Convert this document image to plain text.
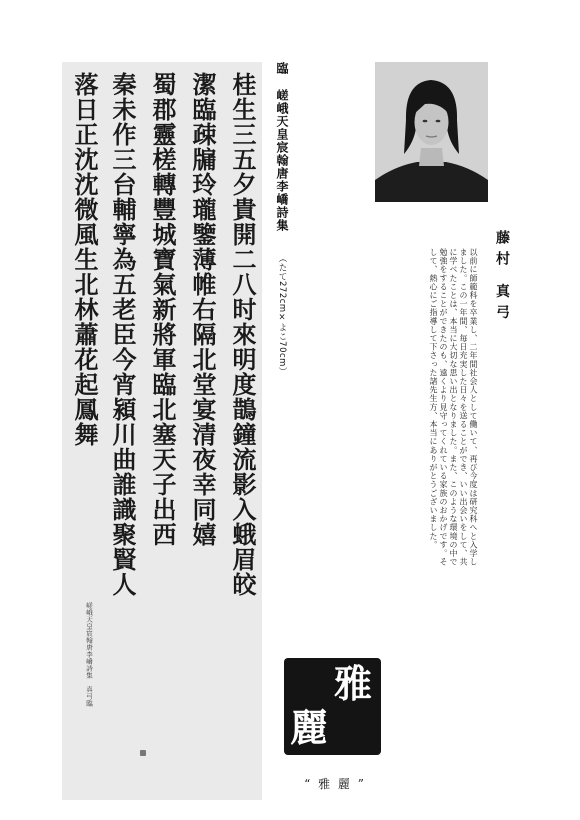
桂生三五夕貴開二八时來明度鵲鐘流影入蛾眉皎
潔臨疎牖玲瓏鑒薄帷右隔北堂宴清夜幸同嬉
蜀郡靈槎轉豐城寶氣新將軍臨北塞天子出西
秦未作三台輔寧為五老臣今宵潁川曲誰識聚賢人
落日正沈沈微風生北林蕭花起鳳舞
嵯峨天皇宸翰唐李嶠詩集　真弓臨
臨嵯峨天皇宸翰唐李嶠詩集
（たて272cm×よこ70cm）	藤村 真弓

以前に師範科を卒業し、二年間社会人として働いて、再び今度は研究科へと入学しました。この一年間、毎日充実した日々を送ることができ、いい出会いをして、共に学べたことは、本当に大切な思い出となりました。また、このような環境の中で勉強をすることができたのも、遠くより見守ってくれている家族のおかげです。そして、熱心にご指導して下さった諸先生方、本当にありがとうございました。

雅
麗
“ 雅 麗 ”
